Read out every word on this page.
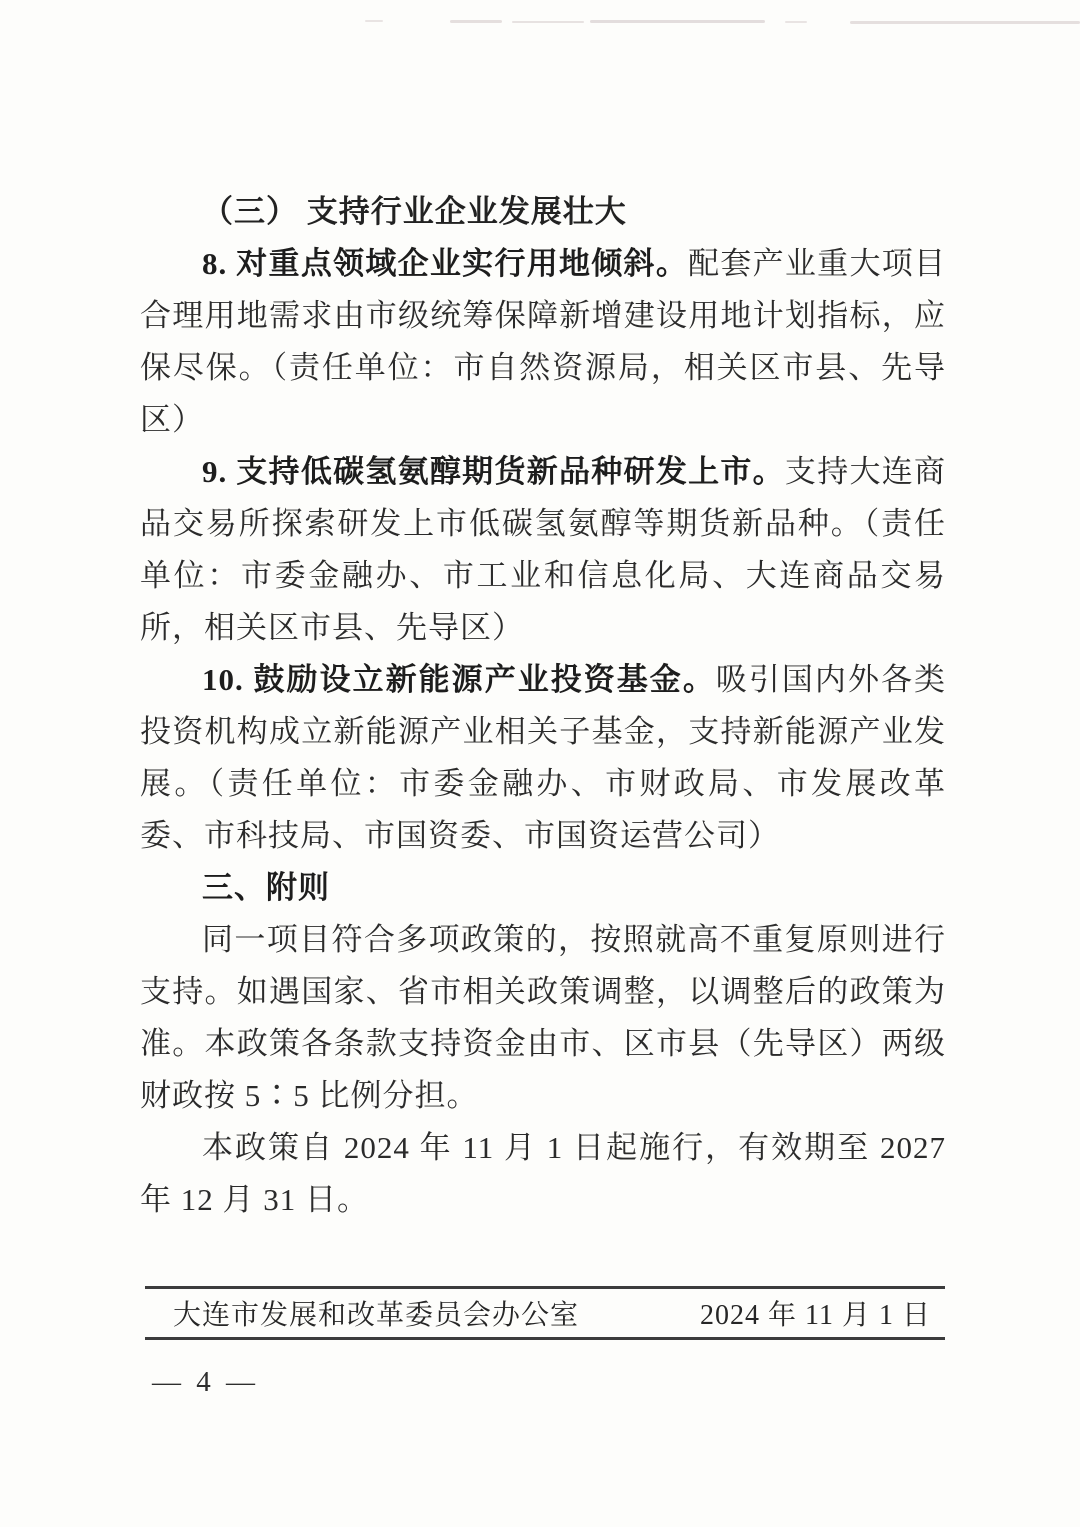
（三） 支持行业企业发展壮大

8. 对重点领域企业实行用地倾斜。配套产业重大项目合理用地需求由市级统筹保障新增建设用地计划指标，应保尽保。（责任单位：市自然资源局，相关区市县、先导区）

9. 支持低碳氢氨醇期货新品种研发上市。支持大连商品交易所探索研发上市低碳氢氨醇等期货新品种。（责任单位：市委金融办、市工业和信息化局、大连商品交易所，相关区市县、先导区）

10. 鼓励设立新能源产业投资基金。吸引国内外各类投资机构成立新能源产业相关子基金，支持新能源产业发展。（责任单位：市委金融办、市财政局、市发展改革委、市科技局、市国资委、市国资运营公司）

三、附则

同一项目符合多项政策的，按照就高不重复原则进行支持。如遇国家、省市相关政策调整，以调整后的政策为准。本政策各条款支持资金由市、区市县（先导区）两级财政按 5∶5 比例分担。

本政策自 2024 年 11 月 1 日起施行，有效期至 2027 年 12 月 31 日。

大连市发展和改革委员会办公室	2024 年 11 月 1 日
— 4 —
